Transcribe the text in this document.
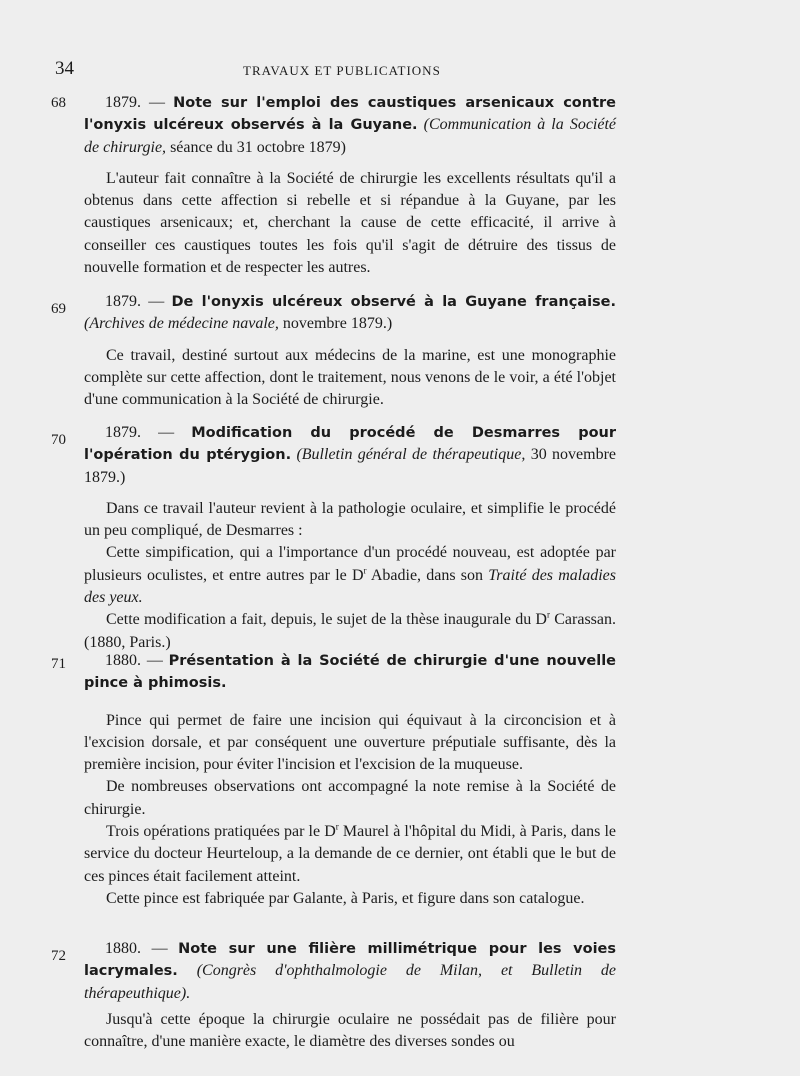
34	TRAVAUX ET PUBLICATIONS
68	1879. — Note sur l'emploi des caustiques arsenicaux contre l'onyxis ulcéreux observés à la Guyane. (Communication à la Société de chirurgie, séance du 31 octobre 1879)

L'auteur fait connaître à la Société de chirurgie les excellents résultats qu'il a obtenus dans cette affection si rebelle et si répandue à la Guyane, par les caustiques arsenicaux; et, cherchant la cause de cette efficacité, il arrive à conseiller ces caustiques toutes les fois qu'il s'agit de détruire des tissus de nouvelle formation et de respecter les autres.

69	1879. — De l'onyxis ulcéreux observé à la Guyane française. (Archives de médecine navale, novembre 1879.)

Ce travail, destiné surtout aux médecins de la marine, est une monographie complète sur cette affection, dont le traitement, nous venons de le voir, a été l'objet d'une communication à la Société de chirurgie.

70	1879. — Modification du procédé de Desmarres pour l'opération du ptérygion. (Bulletin général de thérapeutique, 30 novembre 1879.)

Dans ce travail l'auteur revient à la pathologie oculaire, et simplifie le procédé un peu compliqué, de Desmarres :

Cette simpification, qui a l'importance d'un procédé nouveau, est adoptée par plusieurs oculistes, et entre autres par le $D^r$ Abadie, dans son Traité des maladies des yeux.

Cette modification a fait, depuis, le sujet de la thèse inaugurale du $D^r$ Carassan. (1880, Paris.)

71	1880. — Présentation à la Société de chirurgie d'une nouvelle pince à phimosis.

Pince qui permet de faire une incision qui équivaut à la circoncision et à l'excision dorsale, et par conséquent une ouverture préputiale suffisante, dès la première incision, pour éviter l'incision et l'excision de la muqueuse.

De nombreuses observations ont accompagné la note remise à la Société de chirurgie.

Trois opérations pratiquées par le $D^r$ Maurel à l'hôpital du Midi, à Paris, dans le service du docteur Heurteloup, a la demande de ce dernier, ont établi que le but de ces pinces était facilement atteint.

Cette pince est fabriquée par Galante, à Paris, et figure dans son catalogue.

72	1880. — Note sur une filière millimétrique pour les voies lacrymales. (Congrès d'ophthalmologie de Milan, et Bulletin de thérapeuthique).

Jusqu'à cette époque la chirurgie oculaire ne possédait pas de filière pour connaître, d'une manière exacte, le diamètre des diverses sondes ou
